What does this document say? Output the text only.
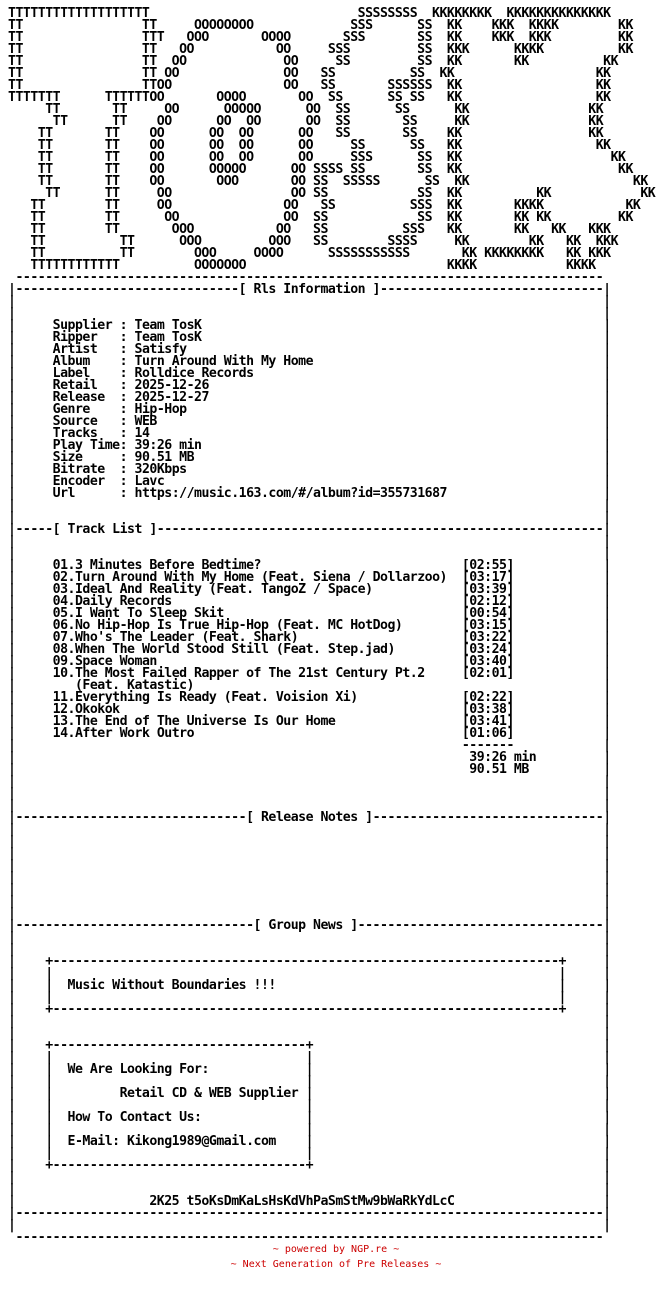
TTTTTTTTTTTTTTTTTTT                            SSSSSSSS  KKKKKKKK  KKKKKKKKKKKKKK
TT                TT     OOOOOOOO             SSS      SS  KK    KKK  KKKK        KK
TT                TTT   OOO       OOOO       SSS       SS  KK    KKK  KKK         KK
TT                TT   OO           OO     SSS         SS  KKK      KKKK          KK
TT                TT  OO             OO     SS         SS  KK       KK          KK
TT                TT OO              OO   SS          SS  KK                   KK
TT                TTOO               OO   SS       SSSSSS  KK                  KK
TTTTTTT      TTTTTTOO       OOOO       OO  SS      SS SS   KK                  KK
TT       TT     OO      OOOOO      OO  SS      SS      KK                KK
TT      TT    OO      OO  OO      OO  SS       SS     KK                KK
TT       TT    OO      OO  OO      OO   SS       SS    KK                 KK
TT       TT    OO      OO  OO      OO     SS      SS   KK                  KK
TT       TT    OO      OO  OO      OO     SSS      SS  KK                    KK
TT       TT    OO      OOOOO      OO SSSS SS       SS  KK                     KK
TT       TT    OO       OOO       OO SS  SSSSS      SS  KK                      KK
TT      TT     OO                OO SS            SS  KK          KK            KK
TT        TT     OO               OO   SS          SSS  KK       KKKK           KK
TT        TT      OO              OO  SS            SS  KK       KK KK         KK
TT        TT       OOO           OO   SS          SSS   KK       KK   KK   KKK
TT          TT      OOO         OOO   SS        SSSS     KK        KK   KK  KKK
TT          TT        OOO     OOOO      SSSSSSSSSSS       KK KKKKKKKK   KK KKK
TTTTTTTTTTTT          OOOOOOO                           KKKK            KKKK
-------------------------------------------------------------------------------
|------------------------------[ Rls Information ]------------------------------|
|                                                                               |
|                                                                               |
|     Supplier : Team TosK                                                      |
|     Ripper   : Team TosK                                                      |
|     Artist   : Satisfy                                                        |
|     Album    : Turn Around With My Home                                       |
|     Label    : Rolldice Records                                               |
|     Retail   : 2025-12-26                                                     |
|     Release  : 2025-12-27                                                     |
|     Genre    : Hip-Hop                                                        |
|     Source   : WEB                                                            |
|     Tracks   : 14                                                             |
|     Play Time: 39:26 min                                                      |
|     Size     : 90.51 MB                                                       |
|     Bitrate  : 320Kbps                                                        |
|     Encoder  : Lavc                                                           |
|     Url      : https://music.163.com/#/album?id=355731687                     |
|                                                                               |
|                                                                               |
|-----[ Track List ]------------------------------------------------------------|
|                                                                               |
|                                                                               |
|     01.3 Minutes Before Bedtime?	[02:55]            |
|     02.Turn Around With My Home (Feat. Siena / Dollarzoo) [03:17]            |
|     03.Ideal And Reality (Feat. TangoZ / Space)	[03:39]            |
|     04.Daily Records	[02:12]            |
|     05.I Want To Sleep Skit	[00:54]            |
|     06.No Hip-Hop Is True Hip-Hop (Feat. MC HotDog)	[03:15]            |
|     07.Who's The Leader (Feat. Shark)	[03:22]            |
|     08.When The World Stood Still (Feat. Step.jad)	[03:24]            |
|     09.Space Woman	[03:40]            |
|     10.The Most Failed Rapper of The 21st Century Pt.2	[02:01]            |
|        (Feat. Katastic)                                                       |
|     11.Everything Is Ready (Feat. Voision Xi)	[02:22]            |
|     12.Okokok	[03:38]            |
|     13.The End of The Universe Is Our Home	[03:41]            |
|     14.After Work Outro	[01:06]            |
|                                                            -------            |
|                                                             39:26 min         |
|                                                             90.51 MB          |
|                                                                               |
|                                                                               |
|                                                                               |
|-------------------------------[ Release Notes ]-------------------------------|
|                                                                               |
|                                                                               |
|                                                                               |
|                                                                               |
|                                                                               |
|                                                                               |
|                                                                               |
|                                                                               |
|--------------------------------[ Group News ]---------------------------------|
|                                                                               |
|                                                                               |
|    +--------------------------------------------------------------------+     |
|    |                                                                    |     |
|    |  Music Without Boundaries !!!                                      |     |
|    |                                                                    |     |
|    +--------------------------------------------------------------------+     |
|                                                                               |
|                                                                               |
|    +----------------------------------+                                       |
|    |                                  |                                       |
|    |  We Are Looking For:             |                                       |
|    |                                  |                                       |
|    |         Retail CD & WEB Supplier |                                       |
|    |                                  |                                       |
|    |  How To Contact Us:              |                                       |
|    |                                  |                                       |
|    |  E-Mail: Kikong1989@Gmail.com    |                                       |
|    |                                  |                                       |
|    +----------------------------------+                                       |
|                                                                               |
|                                                                               |
|                  2K25 t5oKsDmKaLsHsKdVhPaSmStMw9bWaRkYdLcC                    |
|-------------------------------------------------------------------------------|
|                                                                               |
-------------------------------------------------------------------------------
~ powered by NGP.re ~
~ Next Generation of Pre Releases ~
